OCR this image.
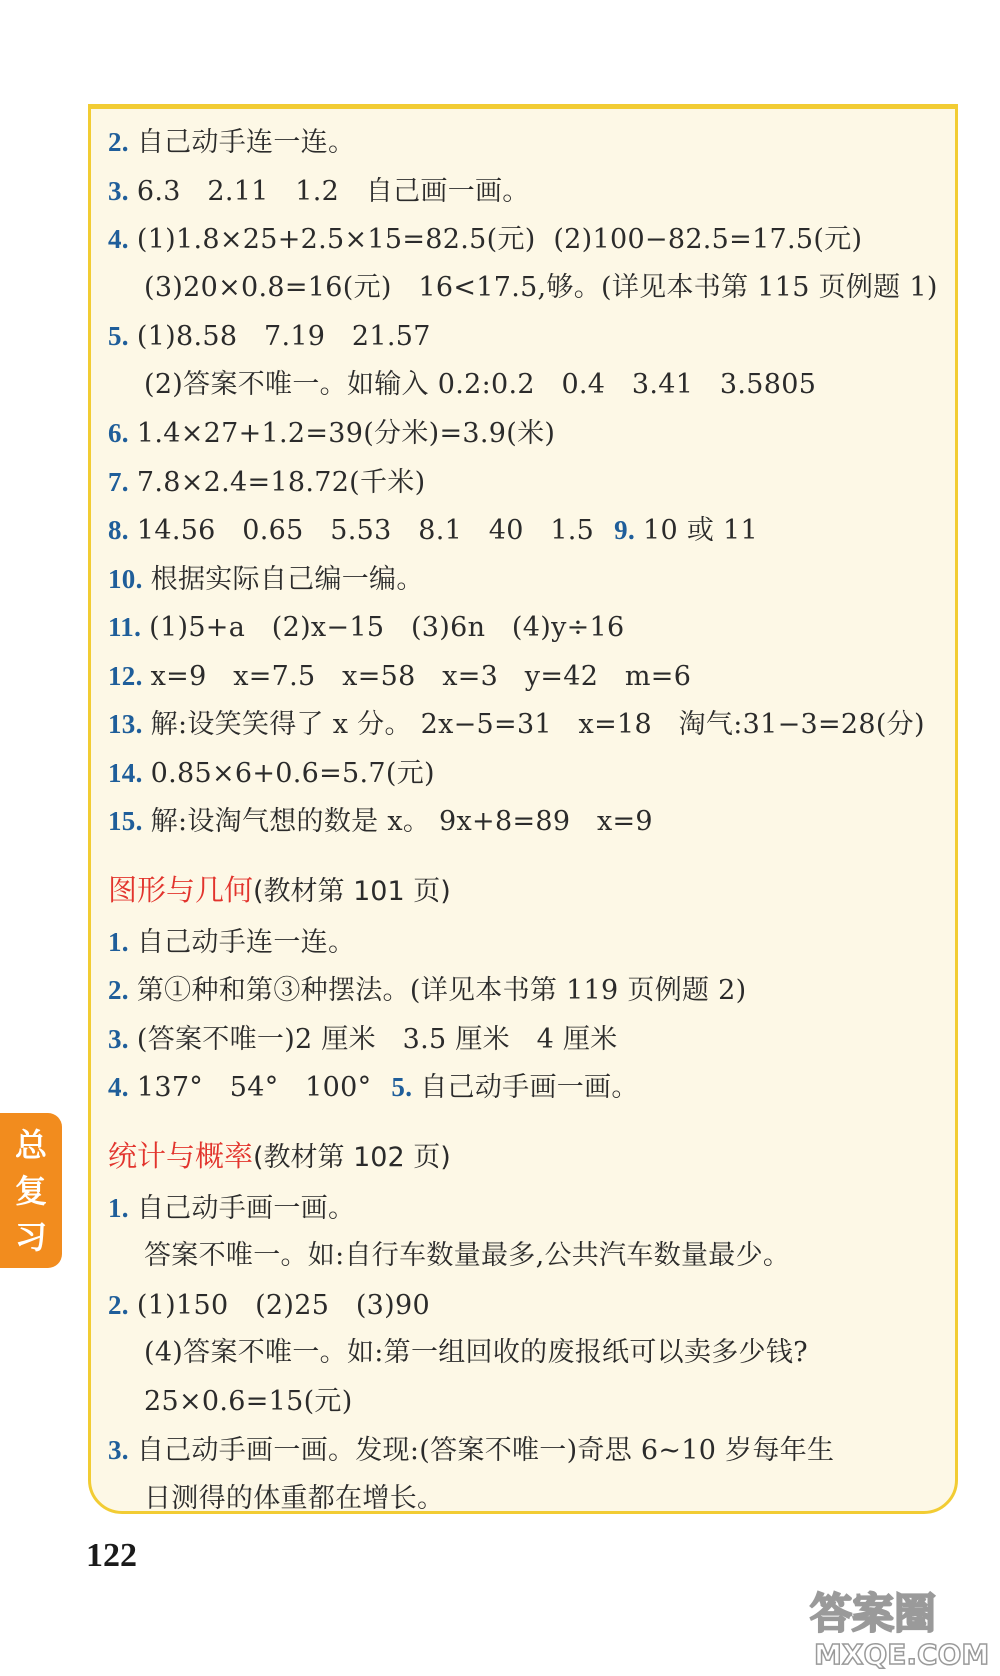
2. 自己动手连一连。
3. 6.3   2.11   1.2   自己画一画。
4. (1)1.8×25+2.5×15=82.5(元)  (2)100−82.5=17.5(元)
(3)20×0.8=16(元)   16<17.5,够。(详见本书第 115 页例题 1)
5. (1)8.58   7.19   21.57
(2)答案不唯一。如输入 0.2:0.2   0.4   3.41   3.5805
6. 1.4×27+1.2=39(分米)=3.9(米)
7. 7.8×2.4=18.72(千米)
8. 14.56   0.65   5.53   8.1   40   1.5 9. 10 或 11
10. 根据实际自己编一编。
11. (1)5+a   (2)x−15   (3)6n   (4)y÷16
12. x=9   x=7.5   x=58   x=3   y=42   m=6
13. 解:设笑笑得了 x 分。 2x−5=31   x=18   淘气:31−3=28(分)
14. 0.85×6+0.6=5.7(元)
15. 解:设淘气想的数是 x。 9x+8=89   x=9
图形与几何(教材第 101 页)
1. 自己动手连一连。
2. 第①种和第③种摆法。(详见本书第 119 页例题 2)
3. (答案不唯一)2 厘米   3.5 厘米   4 厘米
4. 137°   54°   100° 5. 自己动手画一画。
统计与概率(教材第 102 页)
1. 自己动手画一画。
答案不唯一。如:自行车数量最多,公共汽车数量最少。
2. (1)150   (2)25   (3)90
(4)答案不唯一。如:第一组回收的废报纸可以卖多少钱?
25×0.6=15(元)
3. 自己动手画一画。发现:(答案不唯一)奇思 6~10 岁每年生
日测得的体重都在增长。
总
复
习
122
答案圈
MXQE.COM
